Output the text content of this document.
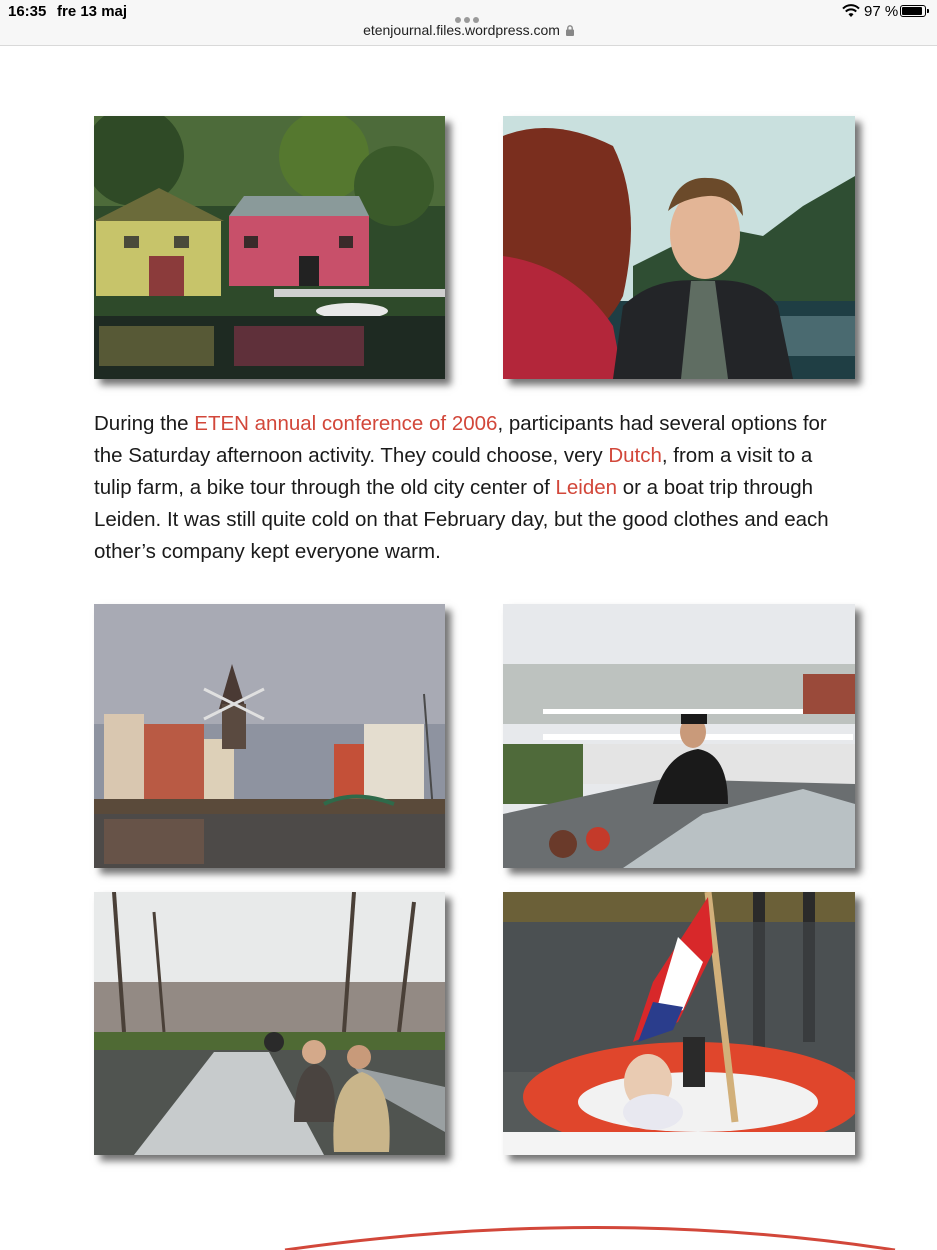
16:35 fre 13 maj	97 %
etenjournal.files.wordpress.com
During the ETEN annual conference of 2006, participants had several options for the Saturday afternoon activity. They could choose, very Dutch, from a visit to a tulip farm, a bike tour through the old city center of Leiden or a boat trip through Leiden. It was still quite cold on that February day, but the good clothes and each other’s company kept everyone warm.
